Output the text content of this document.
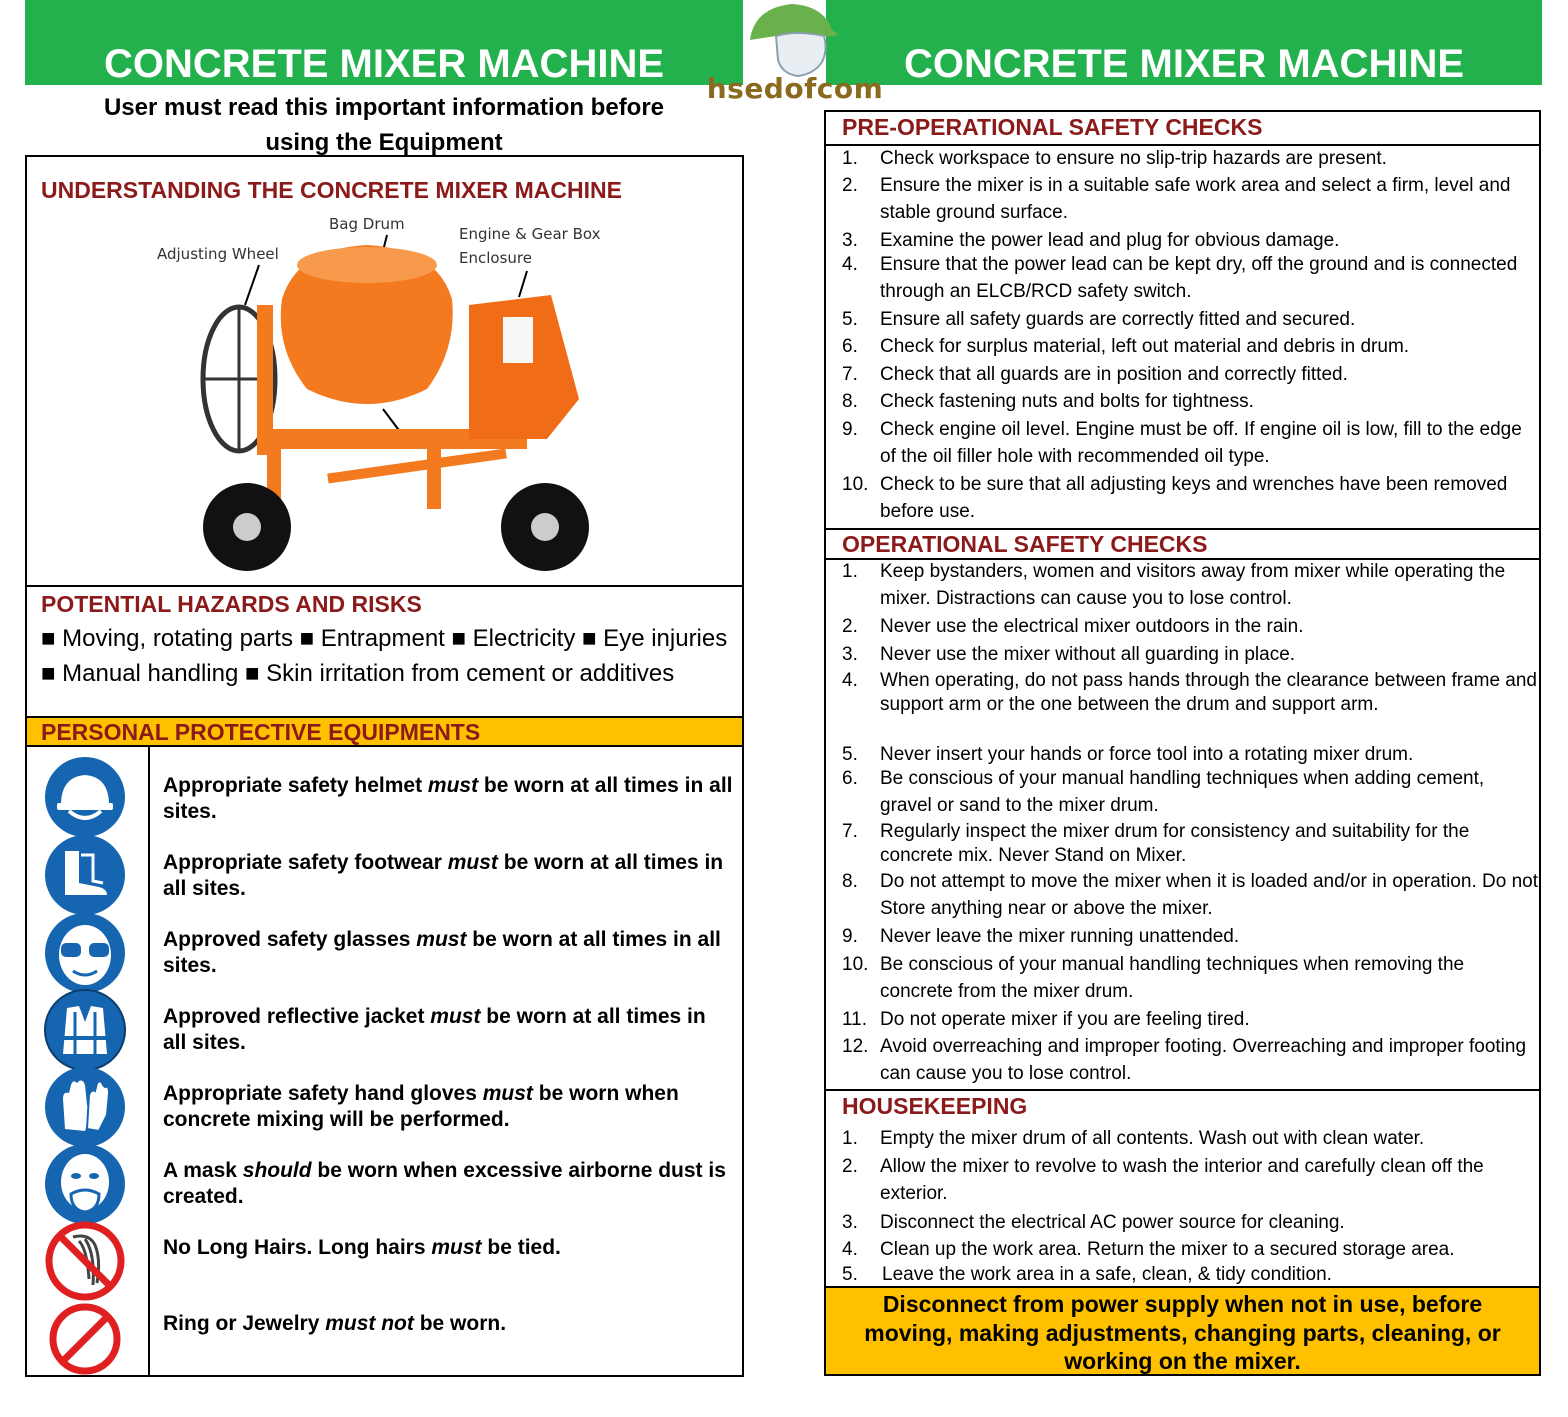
CONCRETE MIXER MACHINE	CONCRETE MIXER MACHINE
hsedofcom
User must read this important information before
using the Equipment
UNDERSTANDING THE CONCRETE MIXER MACHINE
Bag Drum
Adjusting Wheel
Engine & Gear Box
Enclosure
POTENTIAL HAZARDS AND RISKS
■ Moving, rotating parts ■ Entrapment ■ Electricity ■ Eye injuries ■ Manual handling ■ Skin irritation from cement or additives
PERSONAL PROTECTIVE EQUIPMENTS
Appropriate safety helmet must be worn at all times in all sites.
Appropriate safety footwear must be worn at all times in all sites.
Approved safety glasses must be worn at all times in all sites.
Approved reflective jacket must be worn at all times in all sites.
Appropriate safety hand gloves must be worn when concrete mixing will be performed.
A mask should be worn when excessive airborne dust is created.
No Long Hairs. Long hairs must be tied.
Ring or Jewelry must not be worn.
PRE-OPERATIONAL SAFETY CHECKS
1. Check workspace to ensure no slip-trip hazards are present.
2. Ensure the mixer is in a suitable safe work area and select a firm, level and stable ground surface.
3. Examine the power lead and plug for obvious damage.
4. Ensure that the power lead can be kept dry, off the ground and is connected through an ELCB/RCD safety switch.
5. Ensure all safety guards are correctly fitted and secured.
6. Check for surplus material, left out material and debris in drum.
7. Check that all guards are in position and correctly fitted.
8. Check fastening nuts and bolts for tightness.
9. Check engine oil level. Engine must be off. If engine oil is low, fill to the edge of the oil filler hole with recommended oil type.
10. Check to be sure that all adjusting keys and wrenches have been removed before use.
OPERATIONAL SAFETY CHECKS
1. Keep bystanders, women and visitors away from mixer while operating the mixer. Distractions can cause you to lose control.
2. Never use the electrical mixer outdoors in the rain.
3. Never use the mixer without all guarding in place.
4. When operating, do not pass hands through the clearance between frame and support arm or the one between the drum and support arm.
5. Never insert your hands or force tool into a rotating mixer drum.
6. Be conscious of your manual handling techniques when adding cement, gravel or sand to the mixer drum.
7. Regularly inspect the mixer drum for consistency and suitability for the concrete mix. Never Stand on Mixer.
8. Do not attempt to move the mixer when it is loaded and/or in operation. Do not Store anything near or above the mixer.
9. Never leave the mixer running unattended.
10. Be conscious of your manual handling techniques when removing the concrete from the mixer drum.
11. Do not operate mixer if you are feeling tired.
12. Avoid overreaching and improper footing. Overreaching and improper footing can cause you to lose control.
HOUSEKEEPING
1. Empty the mixer drum of all contents. Wash out with clean water.
2. Allow the mixer to revolve to wash the interior and carefully clean off the exterior.
3. Disconnect the electrical AC power source for cleaning.
4. Clean up the work area. Return the mixer to a secured storage area.
5. Leave the work area in a safe, clean, & tidy condition.
Disconnect from power supply when not in use, before moving, making adjustments, changing parts, cleaning, or working on the mixer.
